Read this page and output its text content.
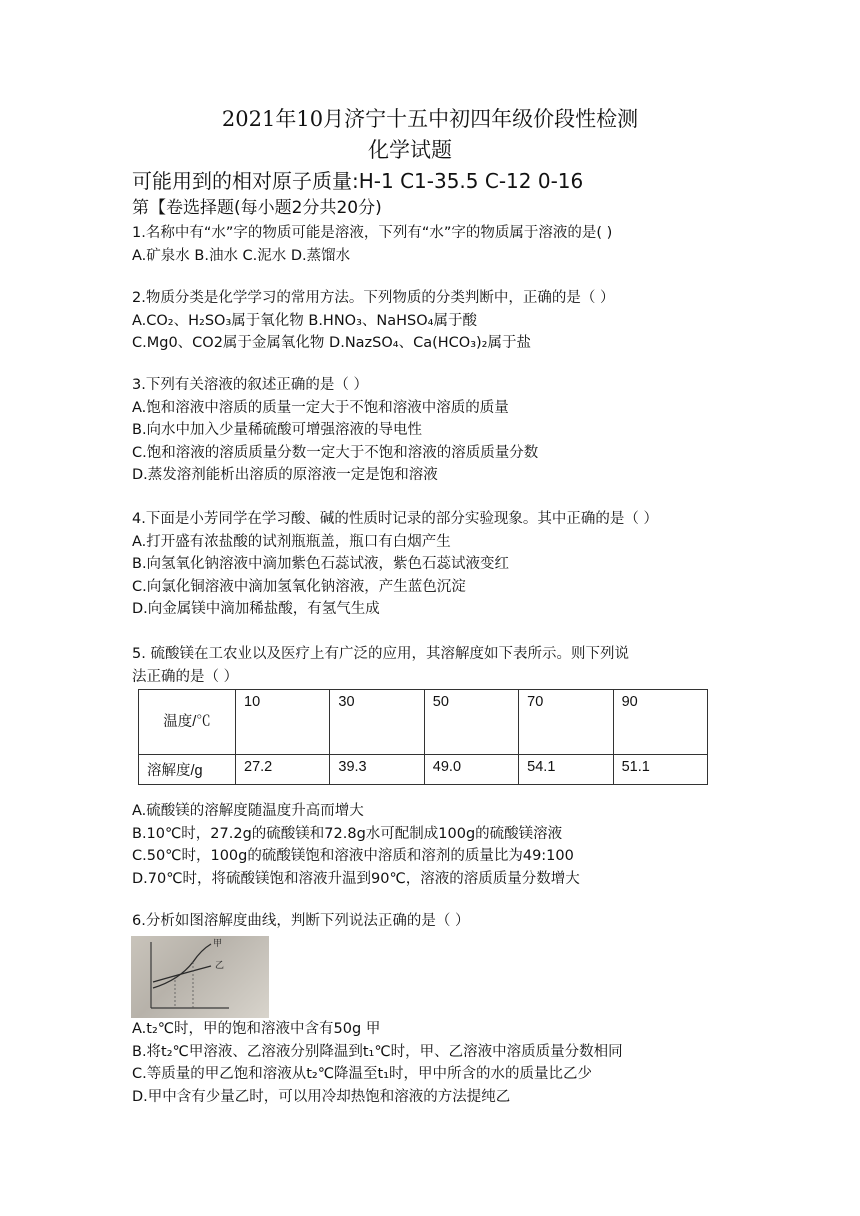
2021年10月济宁十五中初四年级价段性检测
化学试题
可能用到的相对原子质量:H-1 C1-35.5 C-12 0-16
第【卷选择题(每小题2分共20分)
1.名称中有“水”字的物质可能是溶液，下列有“水”字的物质属于溶液的是( )
A.矿泉水 B.油水 C.泥水 D.蒸馏水
2.物质分类是化学学习的常用方法。下列物质的分类判断中，正确的是（ ）
A.CO₂、H₂SO₃属于氧化物 B.HNO₃、NaHSO₄属于酸
C.Mg0、CO2属于金属氧化物 D.NazSO₄、Ca(HCO₃)₂属于盐
3.下列有关溶液的叙述正确的是（ ）
A.饱和溶液中溶质的质量一定大于不饱和溶液中溶质的质量
B.向水中加入少量稀硫酸可增强溶液的导电性
C.饱和溶液的溶质质量分数一定大于不饱和溶液的溶质质量分数
D.蒸发溶剂能析出溶质的原溶液一定是饱和溶液
4.下面是小芳同学在学习酸、碱的性质时记录的部分实验现象。其中正确的是（ ）
A.打开盛有浓盐酸的试剂瓶瓶盖，瓶口有白烟产生
B.向氢氧化钠溶液中滴加紫色石蕊试液，紫色石蕊试液变红
C.向氯化铜溶液中滴加氢氧化钠溶液，产生蓝色沉淀
D.向金属镁中滴加稀盐酸，有氢气生成
5. 硫酸镁在工农业以及医疗上有广泛的应用，其溶解度如下表所示。则下列说
法正确的是（ ）
温度/℃	10	30	50	70	90
溶解度/g	27.2	39.3	49.0	54.1	51.1
A.硫酸镁的溶解度随温度升高而增大
B.10℃时，27.2g的硫酸镁和72.8g水可配制成100g的硫酸镁溶液
C.50℃时，100g的硫酸镁饱和溶液中溶质和溶剂的质量比为49:100
D.70℃时，将硫酸镁饱和溶液升温到90℃，溶液的溶质质量分数增大
6.分析如图溶解度曲线，判断下列说法正确的是（ ）
甲
乙
A.t₂℃时，甲的饱和溶液中含有50g 甲
B.将t₂℃甲溶液、乙溶液分别降温到t₁℃时，甲、乙溶液中溶质质量分数相同
C.等质量的甲乙饱和溶液从t₂℃降温至t₁时，甲中所含的水的质量比乙少
D.甲中含有少量乙时，可以用冷却热饱和溶液的方法提纯乙
